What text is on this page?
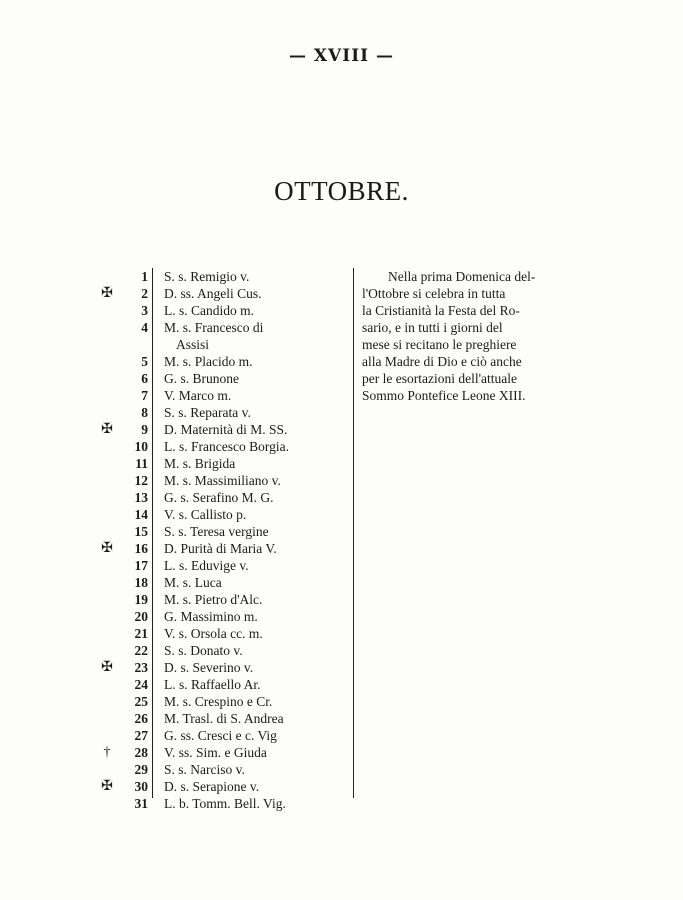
— XVIII —
OTTOBRE.
1	S. s. Remigio v.
✠	2	D. ss. Angeli Cus.
3	L. s. Candido m.
4	M. s. Francesco di
Assisi
5	M. s. Placido m.
6	G. s. Brunone
7	V. Marco m.
8	S. s. Reparata v.
✠	9	D. Maternità di M. SS.
10	L. s. Francesco Borgia.
11	M. s. Brigida
12	M. s. Massimiliano v.
13	G. s. Serafino M. G.
14	V. s. Callisto p.
15	S. s. Teresa vergine
✠	16	D. Purità di Maria V.
17	L. s. Eduvige v.
18	M. s. Luca
19	M. s. Pietro d'Alc.
20	G. Massimino m.
21	V. s. Orsola cc. m.
22	S. s. Donato v.
✠	23	D. s. Severino v.
24	L. s. Raffaello Ar.
25	M. s. Crespino e Cr.
26	M. Trasl. di S. Andrea
27	G. ss. Cresci e c. Vig
†	28	V. ss. Sim. e Giuda
29	S. s. Narciso v.
✠	30	D. s. Serapione v.
31	L. b. Tomm. Bell. Vig.
Nella prima Domenica del-
l'Ottobre si celebra in tutta
la Cristianità la Festa del Ro-
sario, e in tutti i giorni del
mese si recitano le preghiere
alla Madre di Dio e ciò anche
per le esortazioni dell'attuale
Sommo Pontefice Leone XIII.
